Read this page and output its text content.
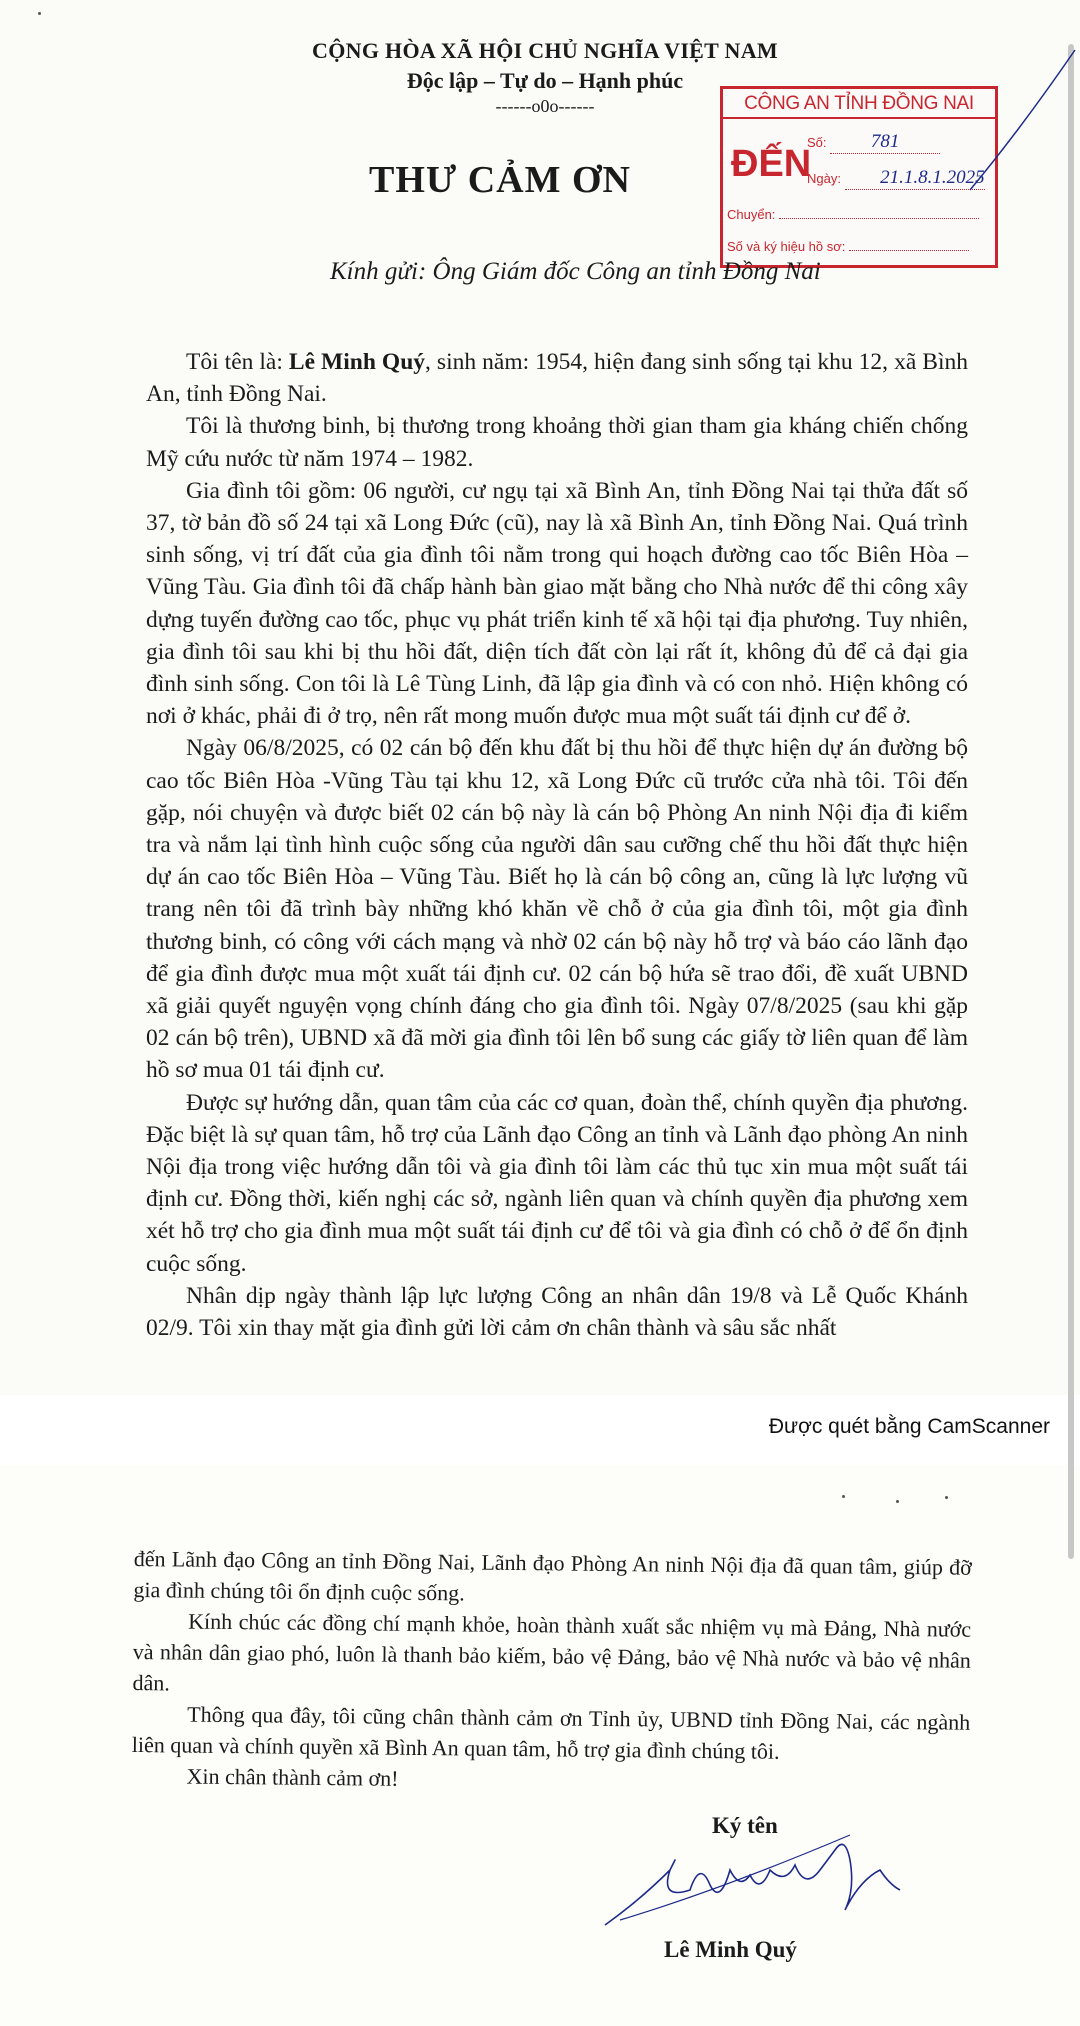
CỘNG HÒA XÃ HỘI CHỦ NGHĨA VIỆT NAM
Độc lập – Tự do – Hạnh phúc
------o0o------	CÔNG AN TỈNH ĐỒNG NAI
ĐẾN
Số: 781
Ngày: 21.1.8.1.2025
Chuyển:
Số và ký hiệu hồ sơ:
THƯ CẢM ƠN
Kính gửi: Ông Giám đốc Công an tỉnh Đồng Nai

Tôi tên là: Lê Minh Quý, sinh năm: 1954, hiện đang sinh sống tại khu 12, xã Bình An, tỉnh Đồng Nai.

Tôi là thương binh, bị thương trong khoảng thời gian tham gia kháng chiến chống Mỹ cứu nước từ năm 1974 – 1982.

Gia đình tôi gồm: 06 người, cư ngụ tại xã Bình An, tỉnh Đồng Nai tại thửa đất số 37, tờ bản đồ số 24 tại xã Long Đức (cũ), nay là xã Bình An, tỉnh Đồng Nai. Quá trình sinh sống, vị trí đất của gia đình tôi nằm trong qui hoạch đường cao tốc Biên Hòa – Vũng Tàu. Gia đình tôi đã chấp hành bàn giao mặt bằng cho Nhà nước để thi công xây dựng tuyến đường cao tốc, phục vụ phát triển kinh tế xã hội tại địa phương. Tuy nhiên, gia đình tôi sau khi bị thu hồi đất, diện tích đất còn lại rất ít, không đủ để cả đại gia đình sinh sống. Con tôi là Lê Tùng Linh, đã lập gia đình và có con nhỏ. Hiện không có nơi ở khác, phải đi ở trọ, nên rất mong muốn được mua một suất tái định cư để ở.

Ngày 06/8/2025, có 02 cán bộ đến khu đất bị thu hồi để thực hiện dự án đường bộ cao tốc Biên Hòa -Vũng Tàu tại khu 12, xã Long Đức cũ trước cửa nhà tôi. Tôi đến gặp, nói chuyện và được biết 02 cán bộ này là cán bộ Phòng An ninh Nội địa đi kiểm tra và nắm lại tình hình cuộc sống của người dân sau cưỡng chế thu hồi đất thực hiện dự án cao tốc Biên Hòa – Vũng Tàu. Biết họ là cán bộ công an, cũng là lực lượng vũ trang nên tôi đã trình bày những khó khăn về chỗ ở của gia đình tôi, một gia đình thương binh, có công với cách mạng và nhờ 02 cán bộ này hỗ trợ và báo cáo lãnh đạo để gia đình được mua một xuất tái định cư. 02 cán bộ hứa sẽ trao đổi, đề xuất UBND xã giải quyết nguyện vọng chính đáng cho gia đình tôi. Ngày 07/8/2025 (sau khi gặp 02 cán bộ trên), UBND xã đã mời gia đình tôi lên bổ sung các giấy tờ liên quan để làm hồ sơ mua 01 tái định cư.

Được sự hướng dẫn, quan tâm của các cơ quan, đoàn thể, chính quyền địa phương. Đặc biệt là sự quan tâm, hỗ trợ của Lãnh đạo Công an tỉnh và Lãnh đạo phòng An ninh Nội địa trong việc hướng dẫn tôi và gia đình tôi làm các thủ tục xin mua một suất tái định cư. Đồng thời, kiến nghị các sở, ngành liên quan và chính quyền địa phương xem xét hỗ trợ cho gia đình mua một suất tái định cư để tôi và gia đình có chỗ ở để ổn định cuộc sống.

Nhân dịp ngày thành lập lực lượng Công an nhân dân 19/8 và Lễ Quốc Khánh 02/9. Tôi xin thay mặt gia đình gửi lời cảm ơn chân thành và sâu sắc nhất

Được quét bằng CamScanner

đến Lãnh đạo Công an tỉnh Đồng Nai, Lãnh đạo Phòng An ninh Nội địa đã quan tâm, giúp đỡ gia đình chúng tôi ổn định cuộc sống.

Kính chúc các đồng chí mạnh khỏe, hoàn thành xuất sắc nhiệm vụ mà Đảng, Nhà nước và nhân dân giao phó, luôn là thanh bảo kiếm, bảo vệ Đảng, bảo vệ Nhà nước và bảo vệ nhân dân.

Thông qua đây, tôi cũng chân thành cảm ơn Tỉnh ủy, UBND tỉnh Đồng Nai, các ngành liên quan và chính quyền xã Bình An quan tâm, hỗ trợ gia đình chúng tôi.

Xin chân thành cảm ơn!

Ký tên
Lê Minh Quý
